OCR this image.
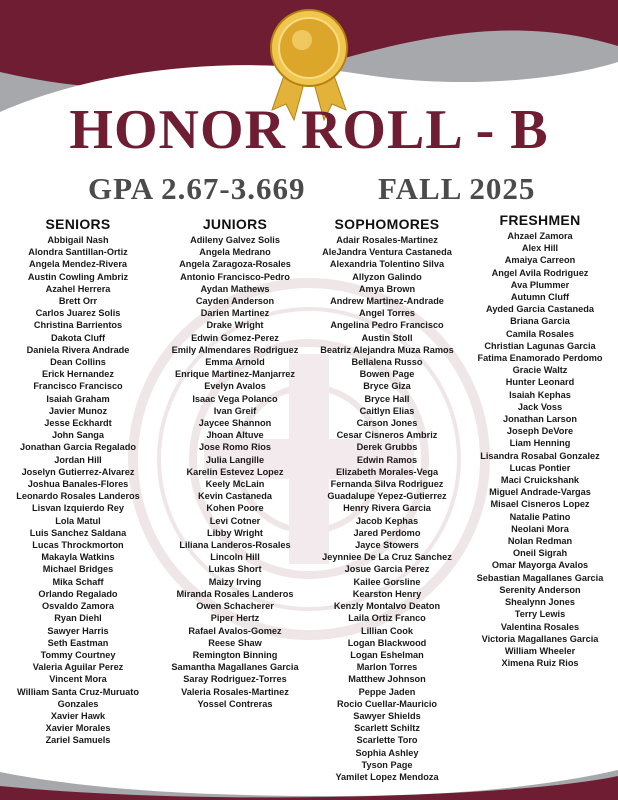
HONOR ROLL - B
GPA 2.67-3.669 FALL 2025
SENIORS
Abbigail Nash
Alondra Santillan-Ortiz
Angela Mendez-Rivera
Austin Cowling Ambriz
Azahel Herrera
Brett Orr
Carlos Juarez Solis
Christina Barrientos
Dakota Cluff
Daniela Rivera Andrade
Dean Collins
Erick Hernandez
Francisco Francisco
Isaiah Graham
Javier Munoz
Jesse Eckhardt
John Sanga
Jonathan Garcia Regalado
Jordan Hill
Joselyn Gutierrez-Alvarez
Joshua Banales-Flores
Leonardo Rosales Landeros
Lisvan Izquierdo Rey
Lola Matul
Luis Sanchez Saldana
Lucas Throckmorton
Makayla Watkins
Michael Bridges
Mika Schaff
Orlando Regalado
Osvaldo Zamora
Ryan Diehl
Sawyer Harris
Seth Eastman
Tommy Courtney
Valeria Aguilar Perez
Vincent Mora
William Santa Cruz-Muruato
Gonzales
Xavier Hawk
Xavier Morales
Zariel Samuels
JUNIORS
Adileny Galvez Solis
Angela Medrano
Angela Zaragoza-Rosales
Antonio Francisco-Pedro
Aydan Mathews
Cayden Anderson
Darien Martinez
Drake Wright
Edwin Gomez-Perez
Emily Almendares Rodriguez
Emma Arnold
Enrique Martinez-Manjarrez
Evelyn Avalos
Isaac Vega Polanco
Ivan Greif
Jaycee Shannon
Jhoan Altuve
Jose Romo Rios
Julia Langille
Karelin Estevez Lopez
Keely McLain
Kevin Castaneda
Kohen Poore
Levi Cotner
Libby Wright
Liliana Landeros-Rosales
Lincoln Hill
Lukas Short
Maizy Irving
Miranda Rosales Landeros
Owen Schacherer
Piper Hertz
Rafael Avalos-Gomez
Reese Shaw
Remington Binning
Samantha Magallanes Garcia
Saray Rodriguez-Torres
Valeria Rosales-Martinez
Yossel Contreras
SOPHOMORES
Adair Rosales-Martinez
AleJandra Ventura Castaneda
Alexandria Tolentino Silva
Allyzon Galindo
Amya Brown
Andrew Martinez-Andrade
Angel Torres
Angelina Pedro Francisco
Austin Stoll
Beatriz Alejandra Muza Ramos
Bellalena Russo
Bowen Page
Bryce Giza
Bryce Hall
Caitlyn Elias
Carson Jones
Cesar Cisneros Ambriz
Derek Grubbs
Edwin Ramos
Elizabeth Morales-Vega
Fernanda Silva Rodriguez
Guadalupe Yepez-Gutierrez
Henry Rivera Garcia
Jacob Kephas
Jared Perdomo
Jayce Stowers
Jeynniee De La Cruz Sanchez
Josue Garcia Perez
Kailee Gorsline
Kearston Henry
Kenzly Montalvo Deaton
Laila Ortiz Franco
Lillian Cook
Logan Blackwood
Logan Eshelman
Marlon Torres
Matthew Johnson
Peppe Jaden
Rocio Cuellar-Mauricio
Sawyer Shields
Scarlett Schiltz
Scarlette Toro
Sophia Ashley
Tyson Page
Yamilet Lopez Mendoza
FRESHMEN
Ahzael Zamora
Alex Hill
Amaiya Carreon
Angel Avila Rodriguez
Ava Plummer
Autumn Cluff
Ayded Garcia Castaneda
Briana Garcia
Camila Rosales
Christian Lagunas Garcia
Fatima Enamorado Perdomo
Gracie Waltz
Hunter Leonard
Isaiah Kephas
Jack Voss
Jonathan Larson
Joseph DeVore
Liam Henning
Lisandra Rosabal Gonzalez
Lucas Pontier
Maci Cruickshank
Miguel Andrade-Vargas
Misael Cisneros Lopez
Natalie Patino
Neolani Mora
Nolan Redman
Oneil Sigrah
Omar Mayorga Avalos
Sebastian Magallanes Garcia
Serenity Anderson
Shealynn Jones
Terry Lewis
Valentina Rosales
Victoria Magallanes Garcia
William Wheeler
Ximena Ruiz Rios
